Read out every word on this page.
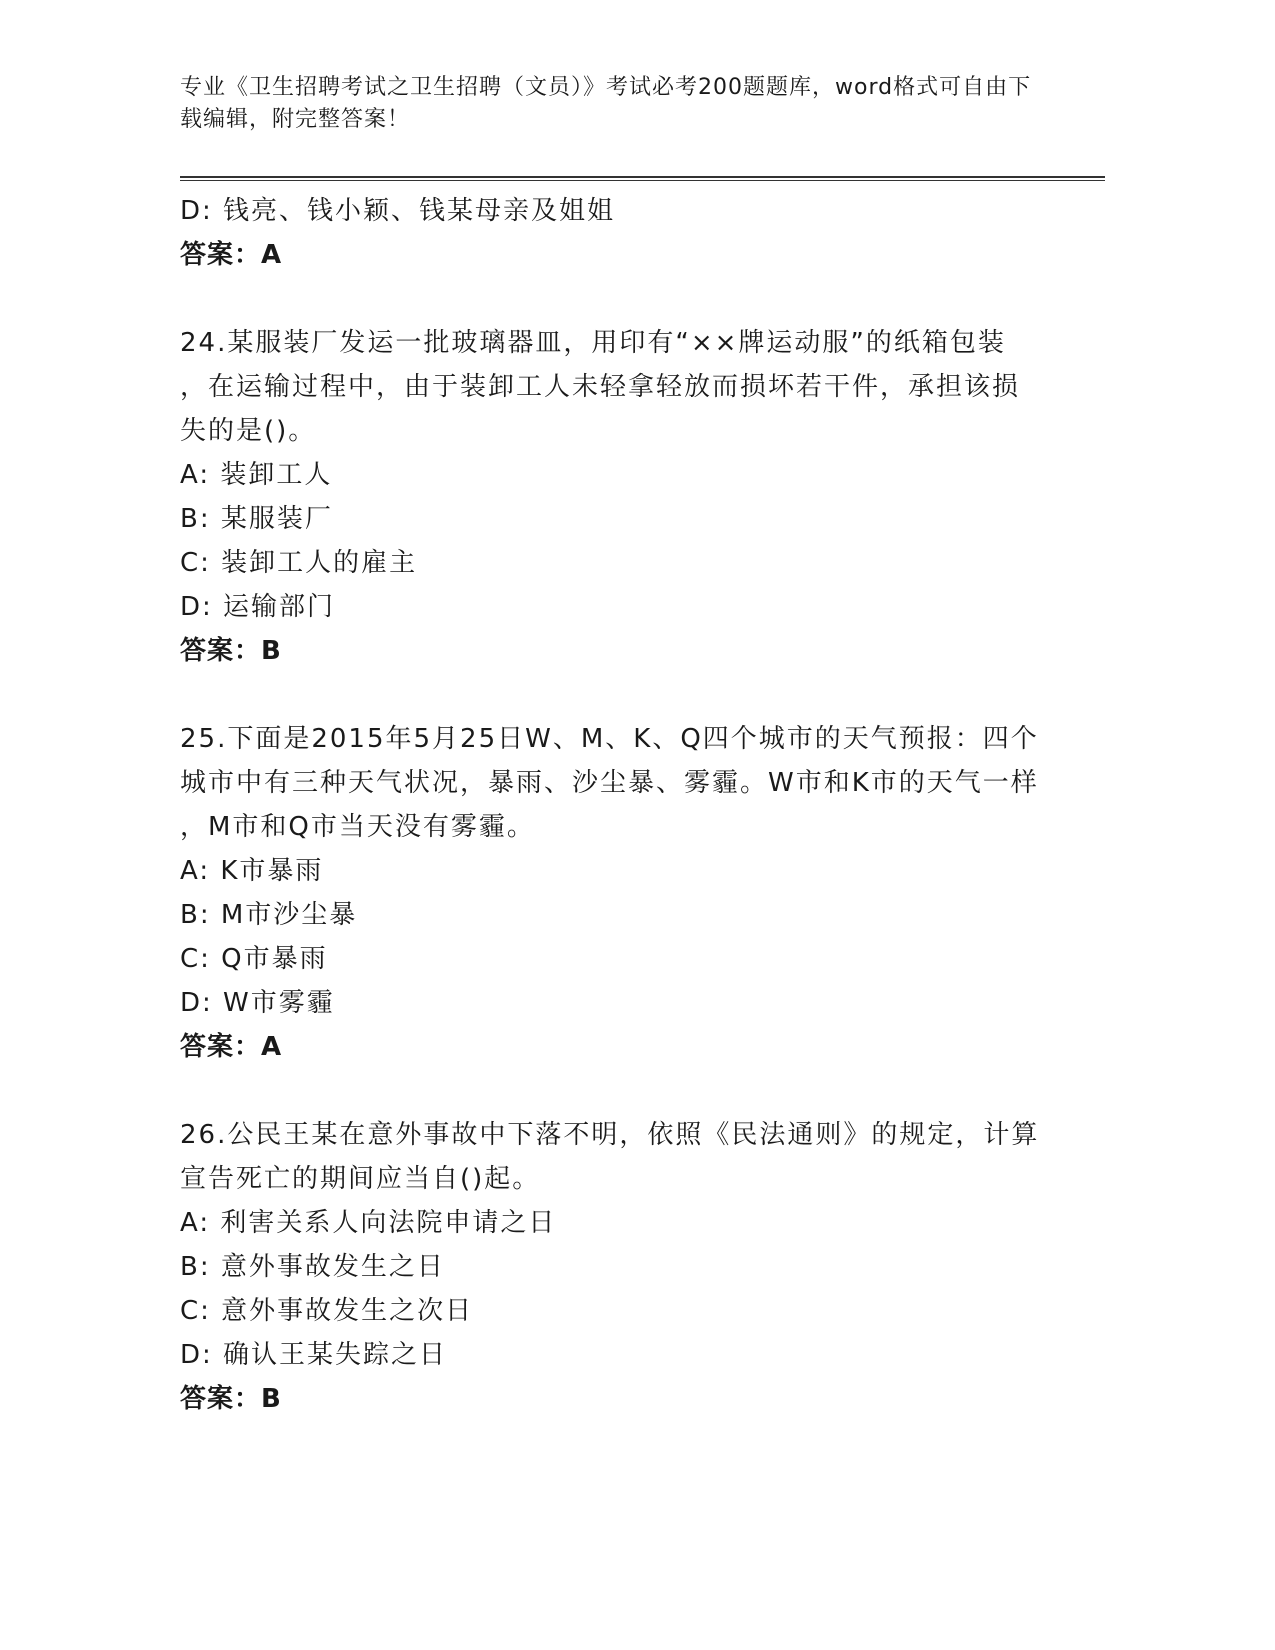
专业《卫生招聘考试之卫生招聘（文员）》考试必考200题题库，word格式可自由下载编辑，附完整答案！
D: 钱亮、钱小颖、钱某母亲及姐姐
答案：A
24.某服装厂发运一批玻璃器皿，用印有“××牌运动服”的纸箱包装
，在运输过程中，由于装卸工人未轻拿轻放而损坏若干件，承担该损
失的是()。
A: 装卸工人
B: 某服装厂
C: 装卸工人的雇主
D: 运输部门
答案：B
25.下面是2015年5月25日W、M、K、Q四个城市的天气预报：四个
城市中有三种天气状况，暴雨、沙尘暴、雾霾。W市和K市的天气一样
，M市和Q市当天没有雾霾。
A: K市暴雨
B: M市沙尘暴
C: Q市暴雨
D: W市雾霾
答案：A
26.公民王某在意外事故中下落不明，依照《民法通则》的规定，计算
宣告死亡的期间应当自()起。
A: 利害关系人向法院申请之日
B: 意外事故发生之日
C: 意外事故发生之次日
D: 确认王某失踪之日
答案：B
